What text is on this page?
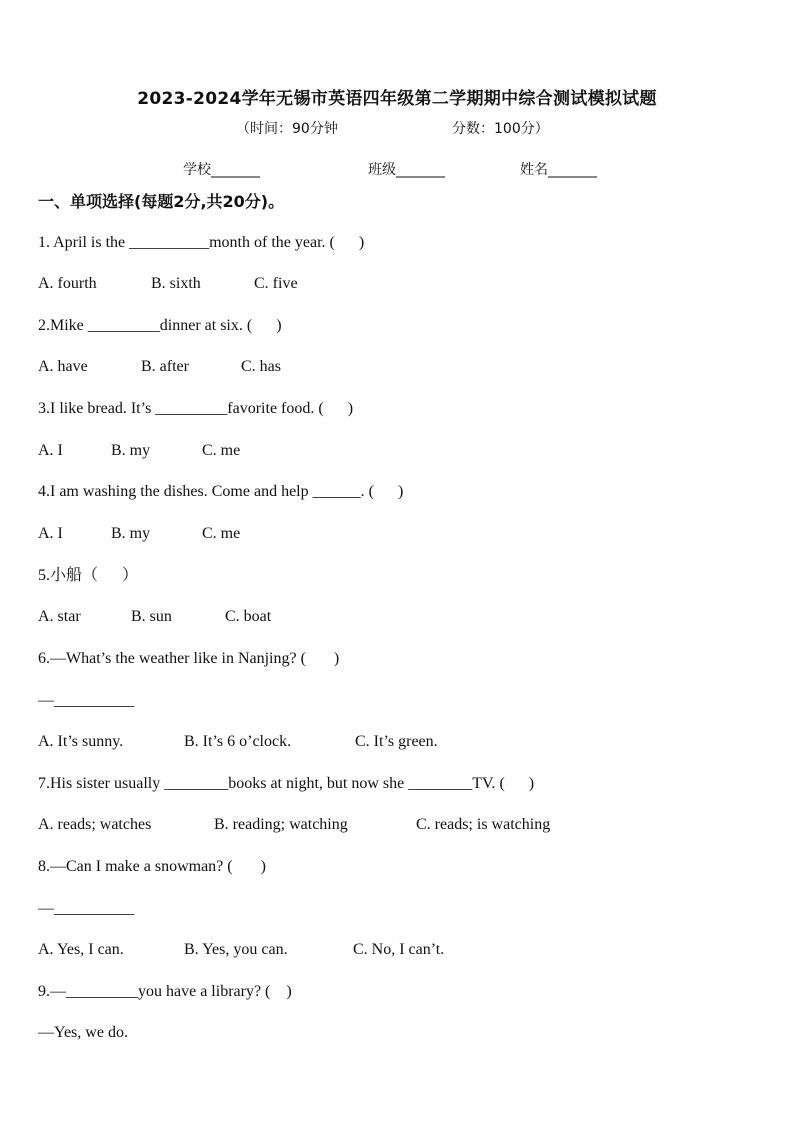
2023-2024学年无锡市英语四年级第二学期期中综合测试模拟试题
（时间：90分钟	分数：100分）
学校_______	班级_______	姓名_______
一、单项选择(每题2分,共20分)。
1. April is the __________month of the year. (      )
A. fourth	B. sixth	C. five
2.Mike _________dinner at six. (      )
A. have	B. after	C. has
3.I like bread. It’s _________favorite food. (      )
A. I	B. my	C. me
4.I am washing the dishes. Come and help ______. (      )
A. I	B. my	C. me
5.小船（      ）
A. star	B. sun	C. boat
6.—What’s the weather like in Nanjing? (       )
—__________
A. It’s sunny.	B. It’s 6 o’clock.	C. It’s green.
7.His sister usually ________books at night, but now she ________TV. (      )
A. reads; watches	B. reading; watching	C. reads; is watching
8.—Can I make a snowman? (       )
—__________
A. Yes, I can.	B. Yes, you can.	C. No, I can’t.
9.—_________you have a library? (    )
—Yes, we do.
